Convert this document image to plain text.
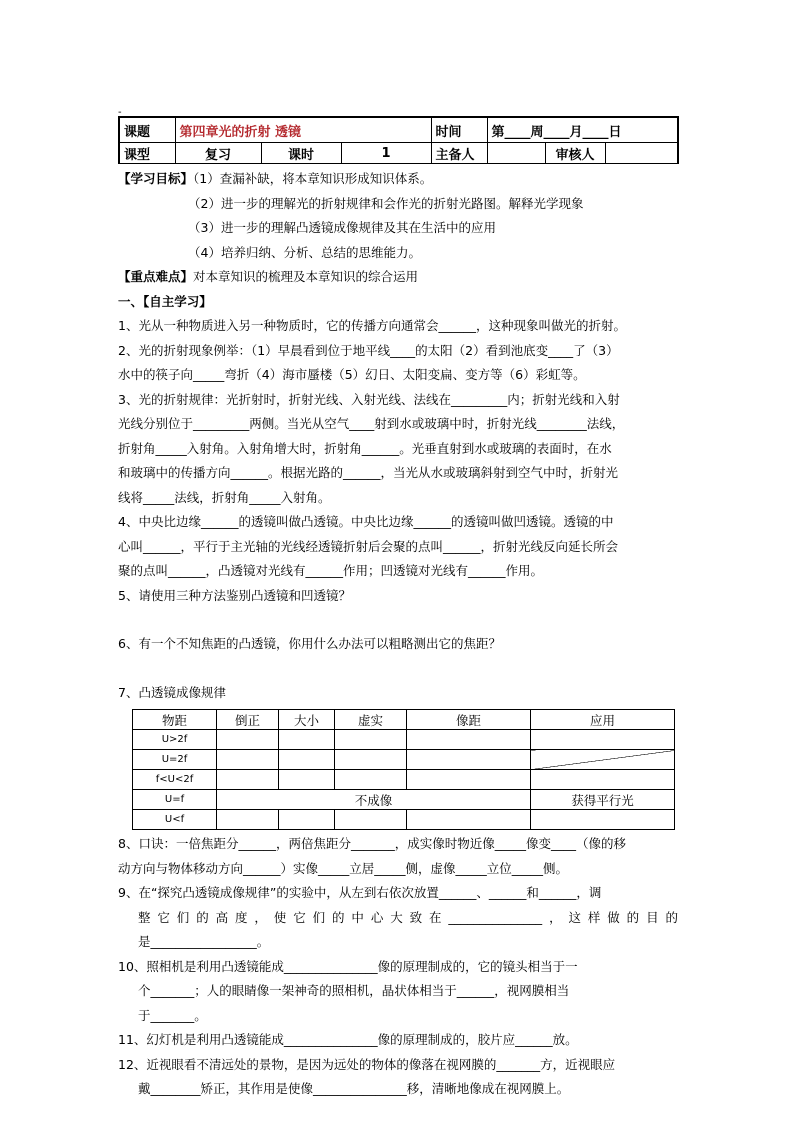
-
课题	第四章光的折射 透镜			时间	第____周____月____日		
课型	复习	课时	1	主备人		审核人	
【学习目标】（1）查漏补缺，将本章知识形成知识体系。
（2）进一步的理解光的折射规律和会作光的折射光路图。解释光学现象
（3）进一步的理解凸透镜成像规律及其在生活中的应用
（4）培养归纳、分析、总结的思维能力。
【重点难点】对本章知识的梳理及本章知识的综合运用
一、【自主学习】
1、光从一种物质进入另一种物质时，它的传播方向通常会______，这种现象叫做光的折射。
2、光的折射现象例举：（1）早晨看到位于地平线____的太阳（2）看到池底变____了（3）
水中的筷子向_____弯折（4）海市蜃楼（5）幻日、太阳变扁、变方等（6）彩虹等。
3、光的折射规律：光折射时，折射光线、入射光线、法线在_________内；折射光线和入射
光线分别位于_________两侧。当光从空气____射到水或玻璃中时，折射光线________法线，
折射角_____入射角。入射角增大时，折射角______。光垂直射到水或玻璃的表面时，在水
和玻璃中的传播方向______。根据光路的______，当光从水或玻璃斜射到空气中时，折射光
线将_____法线，折射角_____入射角。
4、中央比边缘______的透镜叫做凸透镜。中央比边缘______的透镜叫做凹透镜。透镜的中
心叫______，平行于主光轴的光线经透镜折射后会聚的点叫______，折射光线反向延长所会
聚的点叫______，凸透镜对光线有______作用；凹透镜对光线有______作用。
5、请使用三种方法鉴别凸透镜和凹透镜？
6、有一个不知焦距的凸透镜，你用什么办法可以粗略测出它的焦距？
7、凸透镜成像规律
物距	倒正	大小	虚实	像距	应用
U>2f					
U=2f					
f<U<2f					
U=f	不成像				获得平行光
U<f					
8、口诀：一倍焦距分______，两倍焦距分_______，成实像时物近像_____像变____（像的移
动方向与物体移动方向______）实像_____立居_____侧，虚像_____立位_____侧。
9、在“探究凸透镜成像规律”的实验中，从左到右依次放置______、______和______，调
整它们的高度，使它们的中心大致在_______________，这样做的目的
是_________________。
10、照相机是利用凸透镜能成_______________像的原理制成的，它的镜头相当于一
个_______；人的眼睛像一架神奇的照相机，晶状体相当于______，视网膜相当
于_______。
11、幻灯机是利用凸透镜能成_______________像的原理制成的，胶片应______放。
12、近视眼看不清远处的景物，是因为远处的物体的像落在视网膜的_______方，近视眼应
戴________矫正，其作用是使像_______________移，清晰地像成在视网膜上。
